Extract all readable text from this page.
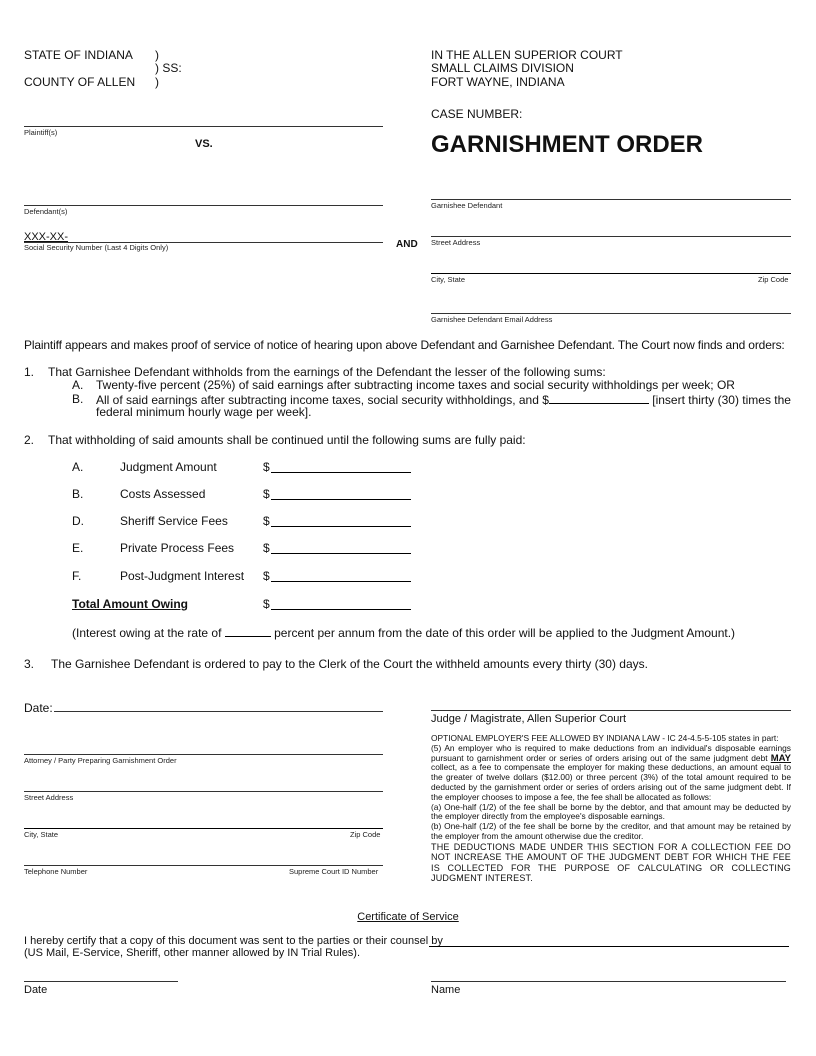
STATE OF INDIANA
COUNTY OF ALLEN
)
) SS:
)
IN THE ALLEN SUPERIOR COURT
SMALL CLAIMS DIVISION
FORT WAYNE, INDIANA
CASE NUMBER:
GARNISHMENT ORDER
Plaintiff(s)
VS.
Defendant(s)
XXX-XX-
Social Security Number (Last 4 Digits Only)	AND
Garnishee Defendant
Street Address
City, State	Zip Code
Garnishee Defendant Email Address
Plaintiff appears and makes proof of service of notice of hearing upon above Defendant and Garnishee Defendant. The Court now finds and orders:
1. That Garnishee Defendant withholds from the earnings of the Defendant the lesser of the following sums:
A. Twenty-five percent (25%) of said earnings after subtracting income taxes and social security withholdings per week; OR
B. All of said earnings after subtracting income taxes, social security withholdings, and $	[insert thirty (30) times the
federal minimum hourly wage per week].
2. That withholding of said amounts shall be continued until the following sums are fully paid:
A.	Judgment Amount	$
B.	Costs Assessed	$
D.	Sheriff Service Fees	$
E.	Private Process Fees $
F.	Post-Judgment Interest $
Total Amount Owing	$
(Interest owing at the rate of	percent per annum from the date of this order will be applied to the Judgment Amount.)
3. The Garnishee Defendant is ordered to pay to the Clerk of the Court the withheld amounts every thirty (30) days.
Date:
Attorney / Party Preparing Garnishment Order
Street Address
City, State	Zip Code
Telephone Number	Supreme Court ID Number
Judge / Magistrate, Allen Superior Court
OPTIONAL EMPLOYER'S FEE ALLOWED BY INDIANA LAW - IC 24-4.5-5-105 states in part:
(5) An employer who is required to make deductions from an individual's disposable earnings pursuant to garnishment order or series of orders arising out of the same judgment debt MAY collect, as a fee to compensate the employer for making these deductions, an amount equal to the greater of twelve dollars ($12.00) or three percent (3%) of the total amount required to be deducted by the garnishment order or series of orders arising out of the same judgment debt. If the employer chooses to impose a fee, the fee shall be allocated as follows:
(a) One-half (1/2) of the fee shall be borne by the debtor, and that amount may be deducted by the employer directly from the employee's disposable earnings.
(b) One-half (1/2) of the fee shall be borne by the creditor, and that amount may be retained by the employer from the amount otherwise due the creditor.
THE DEDUCTIONS MADE UNDER THIS SECTION FOR A COLLECTION FEE DO NOT INCREASE THE AMOUNT OF THE JUDGMENT DEBT FOR WHICH THE FEE IS COLLECTED FOR THE PURPOSE OF CALCULATING OR COLLECTING JUDGMENT INTEREST.
Certificate of Service
I hereby certify that a copy of this document was sent to the parties or their counsel by
(US Mail, E-Service, Sheriff, other manner allowed by IN Trial Rules).
Date	Name
